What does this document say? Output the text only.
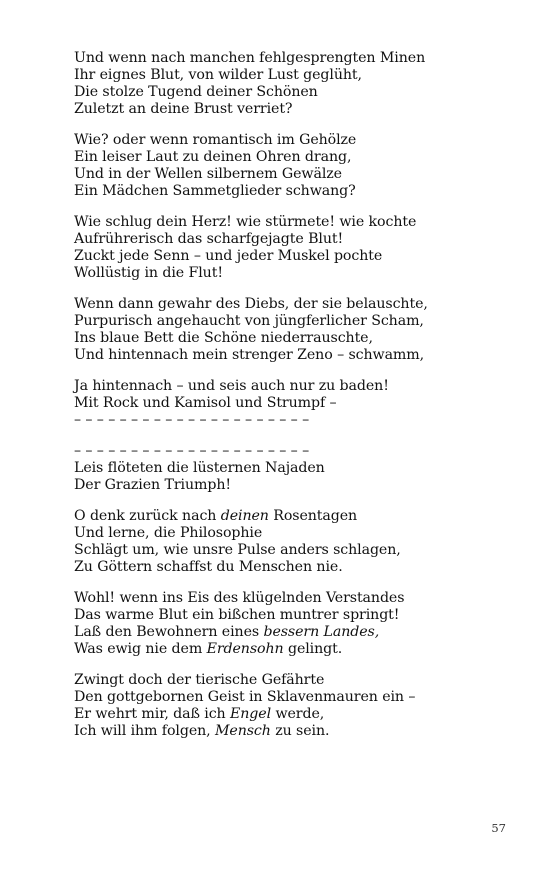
Und wenn nach manchen fehlgesprengten Minen
Ihr eignes Blut, von wilder Lust geglüht,
Die stolze Tugend deiner Schönen
Zuletzt an deine Brust verriet?
Wie? oder wenn romantisch im Gehölze
Ein leiser Laut zu deinen Ohren drang,
Und in der Wellen silbernem Gewälze
Ein Mädchen Sammetglieder schwang?
Wie schlug dein Herz! wie stürmete! wie kochte
Aufrührerisch das scharfgejagte Blut!
Zuckt jede Senn – und jeder Muskel pochte
Wollüstig in die Flut!
Wenn dann gewahr des Diebs, der sie belauschte,
Purpurisch angehaucht von jüngferlicher Scham,
Ins blaue Bett die Schöne niederrauschte,
Und hintennach mein strenger Zeno – schwamm,
Ja hintennach – und seis auch nur zu baden!
Mit Rock und Kamisol und Strumpf –
– – – – – – – – – – – – – – – – – – – – –
– – – – – – – – – – – – – – – – – – – – –
Leis flöteten die lüsternen Najaden
Der Grazien Triumph!
O denk zurück nach deinen Rosentagen
Und lerne, die Philosophie
Schlägt um, wie unsre Pulse anders schlagen,
Zu Göttern schaffst du Menschen nie.
Wohl! wenn ins Eis des klügelnden Verstandes
Das warme Blut ein bißchen muntrer springt!
Laß den Bewohnern eines bessern Landes,
Was ewig nie dem Erdensohn gelingt.
Zwingt doch der tierische Gefährte
Den gottgebornen Geist in Sklavenmauren ein –
Er wehrt mir, daß ich Engel werde,
Ich will ihm folgen, Mensch zu sein.
57
